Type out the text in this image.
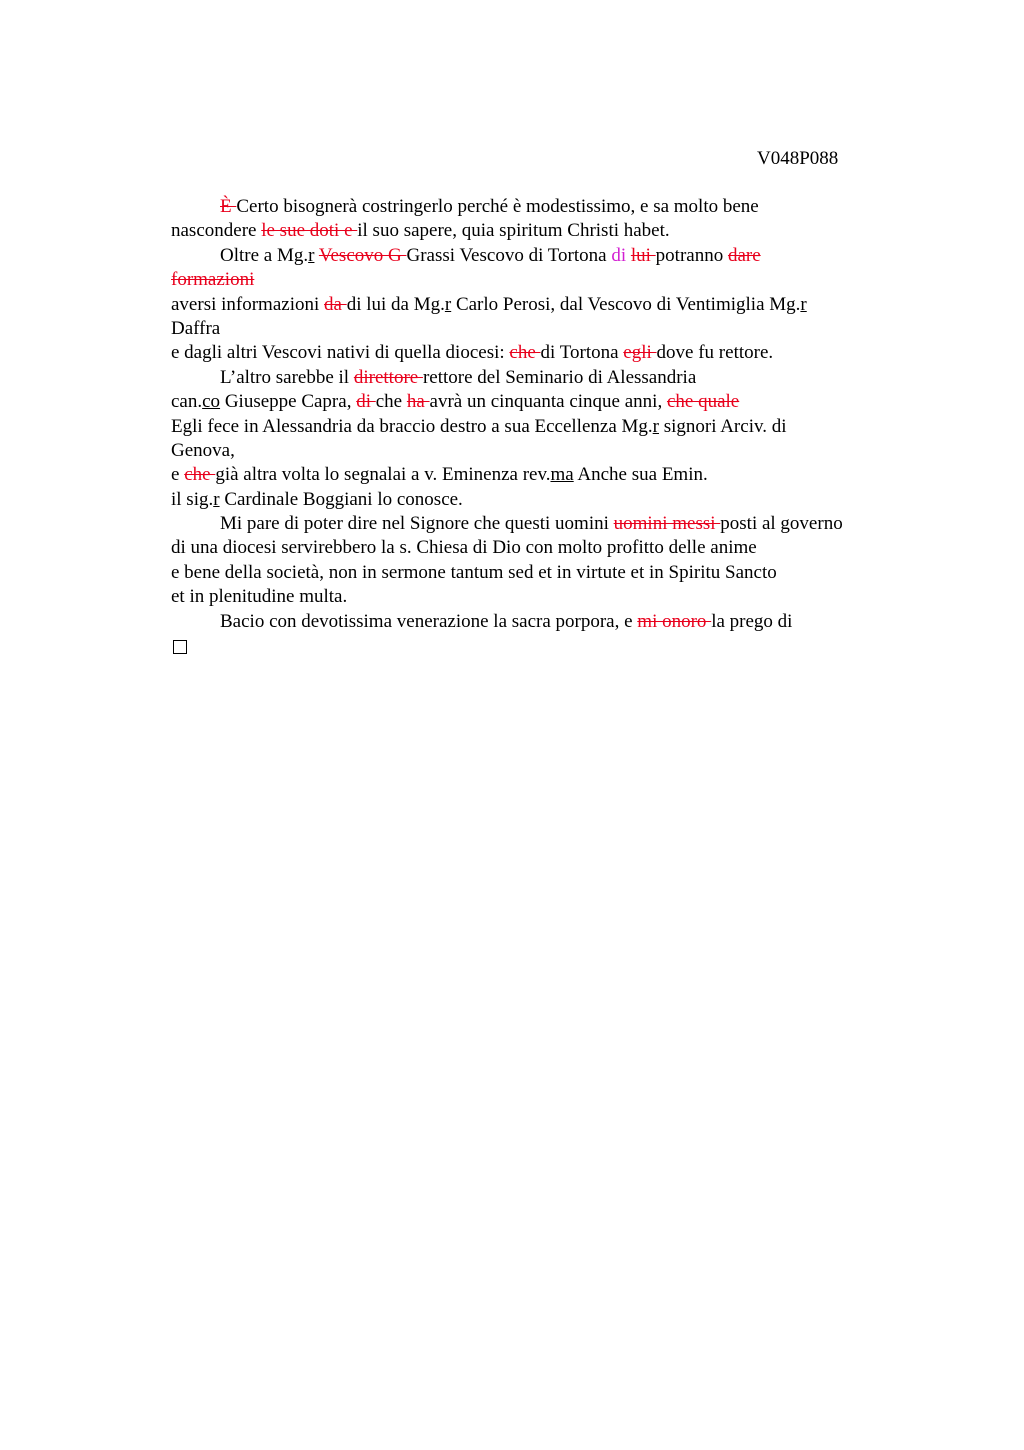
V048P088
È Certo bisognerà costringerlo perché è modestissimo, e sa molto bene
nascondere le sue doti e il suo sapere, quia spiritum Christi habet.
Oltre a Mg.r Vescovo G Grassi Vescovo di Tortona di lui potranno dare
formazioni
aversi informazioni da di lui da Mg.r Carlo Perosi, dal Vescovo di Ventimiglia Mg.r
Daffra
e dagli altri Vescovi nativi di quella diocesi: che di Tortona egli dove fu rettore.
L’altro sarebbe il direttore rettore del Seminario di Alessandria
can.co Giuseppe Capra, di che ha avrà un cinquanta cinque anni, che quale
Egli fece in Alessandria da braccio destro a sua Eccellenza Mg.r signori Arciv. di
Genova,
e che già altra volta lo segnalai a v. Eminenza rev.ma Anche sua Emin.
il sig.r Cardinale Boggiani lo conosce.
Mi pare di poter dire nel Signore che questi uomini uomini messi posti al governo
di una diocesi servirebbero la s. Chiesa di Dio con molto profitto delle anime
e bene della società, non in sermone tantum sed et in virtute et in Spiritu Sancto
et in plenitudine multa.
Bacio con devotissima venerazione la sacra porpora, e mi onoro la prego di
